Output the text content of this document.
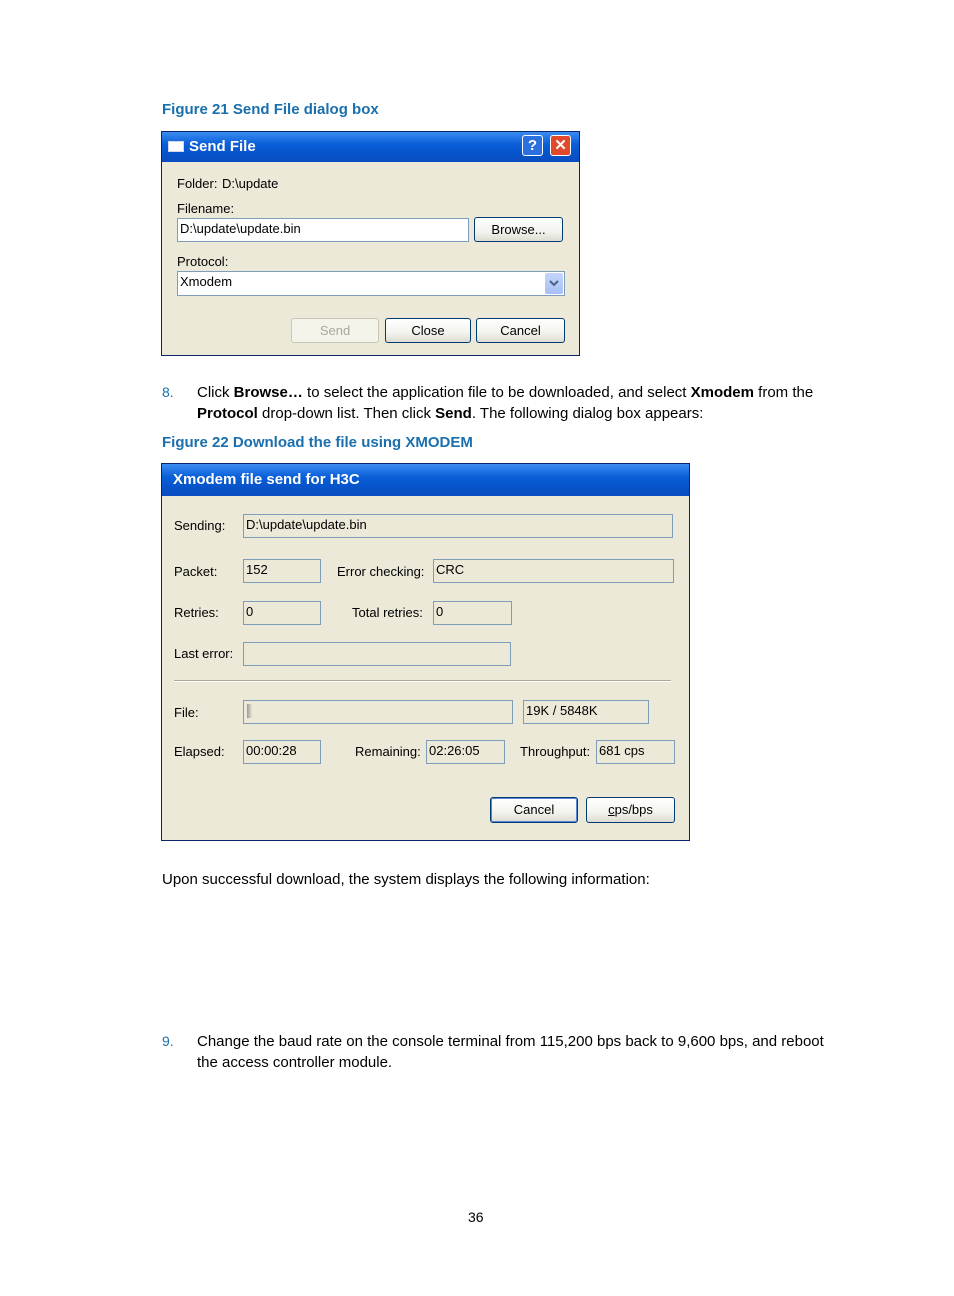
Figure 21 Send File dialog box
Send File	?	✕
Folder: D:\update
Filename:
D:\update\update.bin	Browse...
Protocol:
Xmodem
Send	Close	Cancel
8. Click Browse… to select the application file to be downloaded, and select Xmodem from the
Protocol drop-down list. Then click Send. The following dialog box appears:
Figure 22 Download the file using XMODEM
Xmodem file send for H3C
Sending: D:\update\update.bin
Packet: 152	Error checking: CRC
Retries: 0	Total retries: 0
Last error:
File:	19K / 5848K
Elapsed: 00:00:28	Remaining: 02:26:05	Throughput: 681 cps
Cancel	cps/bps
Upon successful download, the system displays the following information:
9. Change the baud rate on the console terminal from 115,200 bps back to 9,600 bps, and reboot
the access controller module.
36
